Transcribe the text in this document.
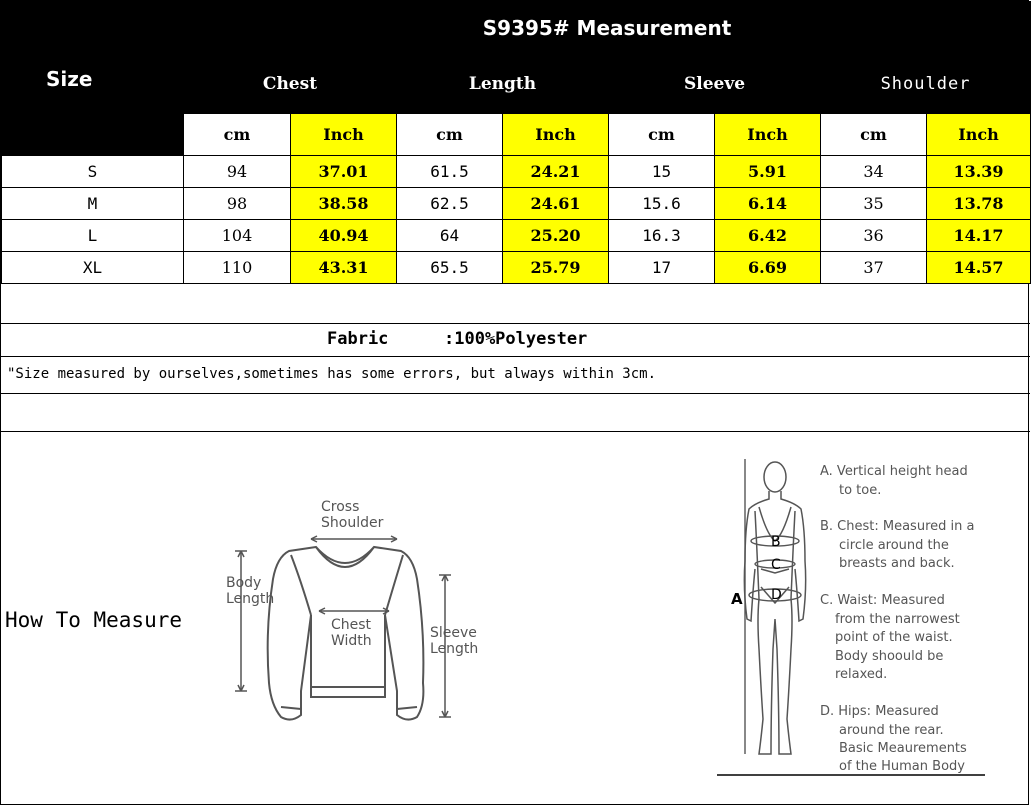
Size	S9395# Measurement							
	Chest		Length		Sleeve		Shoulder	
	cm	Inch	cm	Inch	cm	Inch	cm	Inch
S	94	37.01	61.5	24.21	15	5.91	34	13.39
M	98	38.58	62.5	24.61	15.6	6.14	35	13.78
L	104	40.94	64	25.20	16.3	6.42	36	14.17
XL	110	43.31	65.5	25.79	17	6.69	37	14.57
Fabric	:100%Polyester
"Size measured by ourselves,sometimes has some errors, but always within 3cm.
How To Measure
Cross
Shoulder
Body
Length
Chest
Width	Sleeve
Length
A
B
C
D
A. Vertical height head
to toe.
B. Chest: Measured in a
circle around the
breasts and back.
C. Waist: Measured
from the narrowest
point of the waist.
Body shoould be
relaxed.
D. Hips: Measured
around the rear.
Basic Meaurements
of the Human Body
